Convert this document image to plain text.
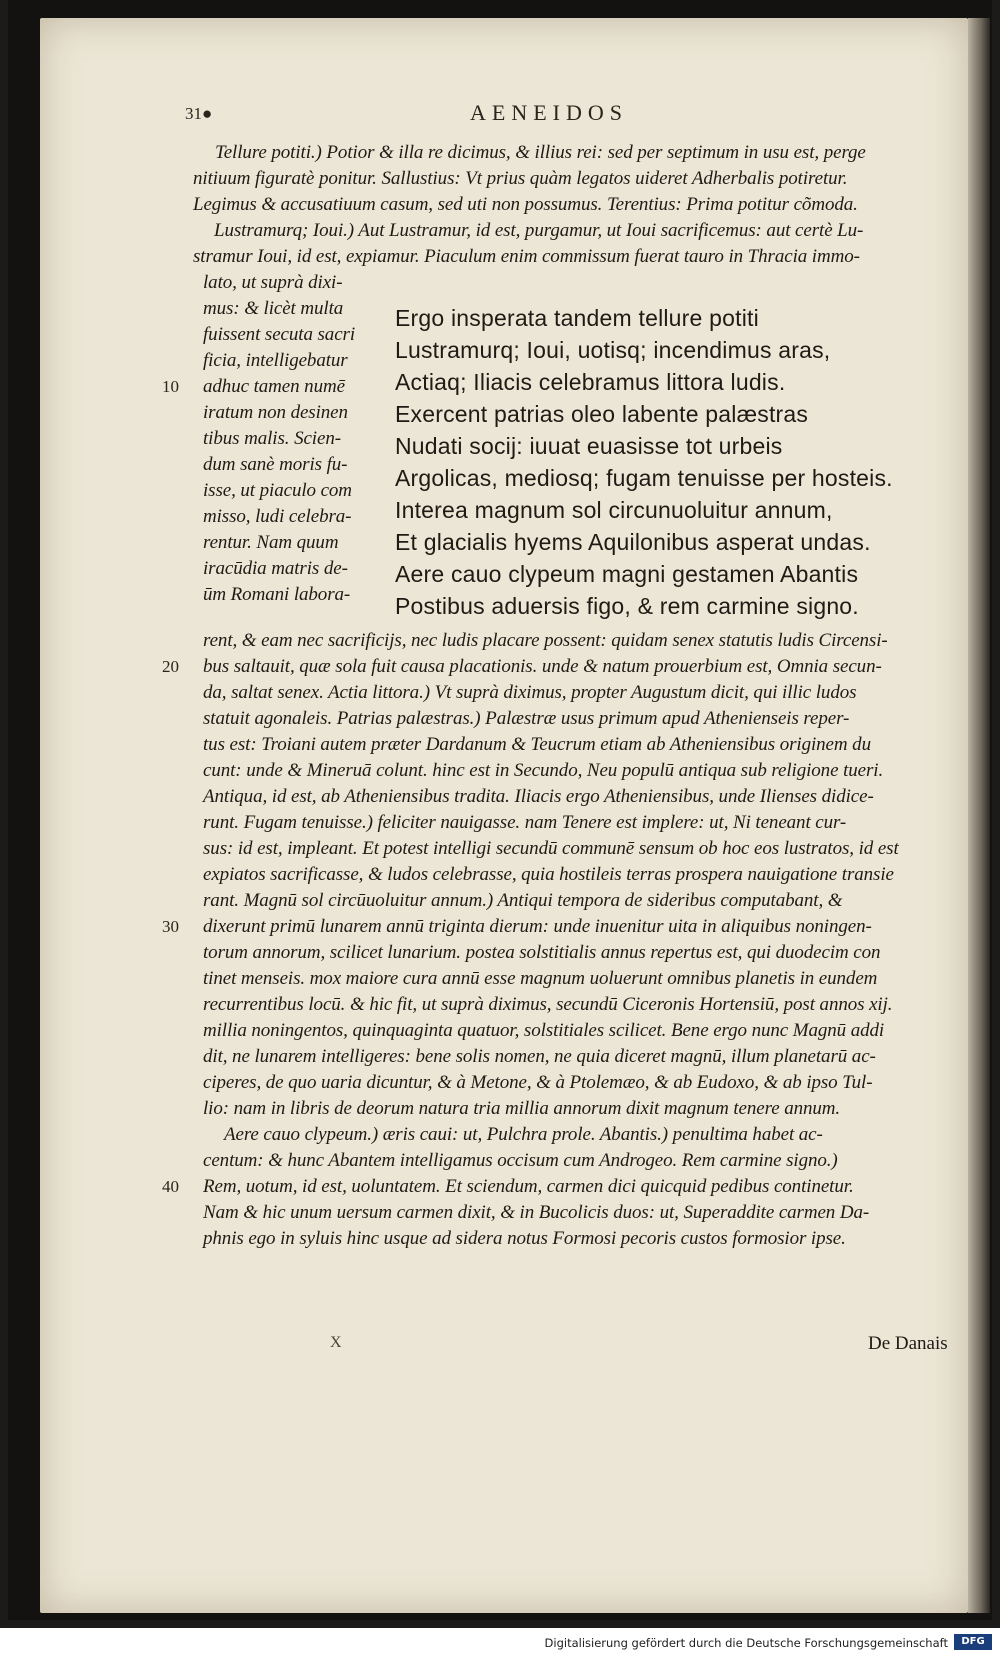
31●	AENEIDOS
Tellure potiti.) Potior & illa re dicimus, & illius rei: sed per septimum in usu est, perge
nitiuum figuratè ponitur. Sallustius: Vt prius quàm legatos uideret Adherbalis potiretur.
Legimus & accusatiuum casum, sed uti non possumus. Terentius: Prima potitur cõmoda.
Lustramurq; Ioui.) Aut Lustramur, id est, purgamur, ut Ioui sacrificemus: aut certè Lu-
stramur Ioui, id est, expiamur. Piaculum enim commissum fuerat tauro in Thracia immo-
lato, ut suprà dixi-
mus: & licèt multa
fuissent secuta sacri
ficia, intelligebatur
adhuc tamen numē
iratum non desinen
tibus malis. Scien-
dum sanè moris fu-
isse, ut piaculo com
misso, ludi celebra-
rentur. Nam quum
iracūdia matris de-
ūm Romani labora-
Ergo insperata tandem tellure potiti
Lustramurq; Ioui, uotisq; incendimus aras,
Actiaq; Iliacis celebramus littora ludis.
Exercent patrias oleo labente palæstras
Nudati socij: iuuat euasisse tot urbeis
Argolicas, mediosq; fugam tenuisse per hosteis.
Interea magnum sol circunuoluitur annum,
Et glacialis hyems Aquilonibus asperat undas.
Aere cauo clypeum magni gestamen Abantis
Postibus aduersis figo, & rem carmine signo.
rent, & eam nec sacrificijs, nec ludis placare possent: quidam senex statutis ludis Circensi-
bus saltauit, quæ sola fuit causa placationis. unde & natum prouerbium est, Omnia secun-
da, saltat senex. Actia littora.) Vt suprà diximus, propter Augustum dicit, qui illic ludos
statuit agonaleis. Patrias palæstras.) Palæstræ usus primum apud Athenienseis reper-
tus est: Troiani autem præter Dardanum & Teucrum etiam ab Atheniensibus originem du
cunt: unde & Mineruā colunt. hinc est in Secundo, Neu populū antiqua sub religione tueri.
Antiqua, id est, ab Atheniensibus tradita. Iliacis ergo Atheniensibus, unde Ilienses didice-
runt. Fugam tenuisse.) feliciter nauigasse. nam Tenere est implere: ut, Ni teneant cur-
sus: id est, impleant. Et potest intelligi secundū communē sensum ob hoc eos lustratos, id est
expiatos sacrificasse, & ludos celebrasse, quia hostileis terras prospera nauigatione transie
rant. Magnū sol circūuoluitur annum.) Antiqui tempora de sideribus computabant, &
dixerunt primū lunarem annū triginta dierum: unde inuenitur uita in aliquibus noningen-
torum annorum, scilicet lunarium. postea solstitialis annus repertus est, qui duodecim con
tinet menseis. mox maiore cura annū esse magnum uoluerunt omnibus planetis in eundem
recurrentibus locū. & hic fit, ut suprà diximus, secundū Ciceronis Hortensiū, post annos xij.
millia noningentos, quinquaginta quatuor, solstitiales scilicet. Bene ergo nunc Magnū addi
dit, ne lunarem intelligeres: bene solis nomen, ne quia diceret magnū, illum planetarū ac-
ciperes, de quo uaria dicuntur, & à Metone, & à Ptolemæo, & ab Eudoxo, & ab ipso Tul-
lio: nam in libris de deorum natura tria millia annorum dixit magnum tenere annum.
Aere cauo clypeum.) æris caui: ut, Pulchra prole. Abantis.) penultima habet ac-
centum: & hunc Abantem intelligamus occisum cum Androgeo. Rem carmine signo.)
Rem, uotum, id est, uoluntatem. Et sciendum, carmen dici quicquid pedibus continetur.
Nam & hic unum uersum carmen dixit, & in Bucolicis duos: ut, Superaddite carmen Da-
phnis ego in syluis hinc usque ad sidera notus Formosi pecoris custos formosior ipse.
10
20
30
40
X	De Danais
Digitalisierung gefördert durch die Deutsche Forschungsgemeinschaft	DFG
